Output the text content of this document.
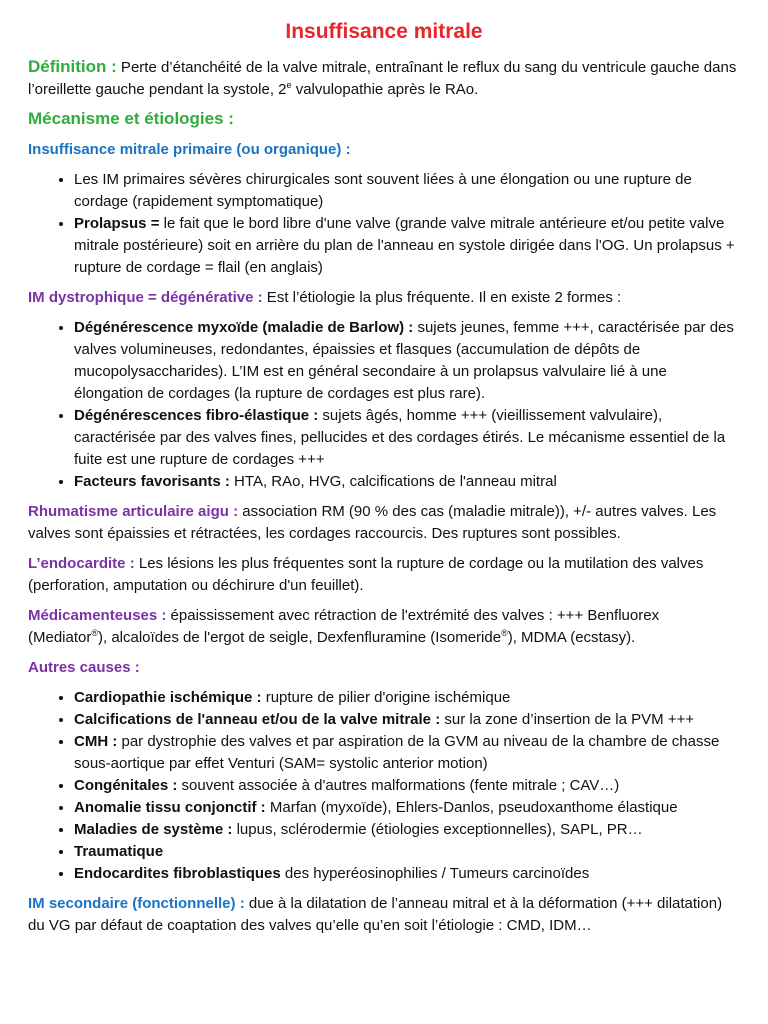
Insuffisance mitrale

Définition : Perte d’étanchéité de la valve mitrale, entraînant le reflux du sang du ventricule gauche dans l’oreillette gauche pendant la systole, 2e valvulopathie après le RAo.

Mécanisme et étiologies :

Insuffisance mitrale primaire (ou organique) :

• Les IM primaires sévères chirurgicales sont souvent liées à une élongation ou une rupture de cordage (rapidement symptomatique)
• Prolapsus = le fait que le bord libre d'une valve (grande valve mitrale antérieure et/ou petite valve mitrale postérieure) soit en arrière du plan de l'anneau en systole dirigée dans l'OG. Un prolapsus + rupture de cordage = flail (en anglais)

IM dystrophique = dégénérative : Est l’étiologie la plus fréquente. Il en existe 2 formes :

• Dégénérescence myxoïde (maladie de Barlow) : sujets jeunes, femme +++, caractérisée par des valves volumineuses, redondantes, épaissies et flasques (accumulation de dépôts de mucopolysaccharides). L’IM est en général secondaire à un prolapsus valvulaire lié à une élongation de cordages (la rupture de cordages est plus rare).
• Dégénérescences fibro-élastique : sujets âgés, homme +++ (vieillissement valvulaire), caractérisée par des valves fines, pellucides et des cordages étirés. Le mécanisme essentiel de la fuite est une rupture de cordages +++
• Facteurs favorisants : HTA, RAo, HVG, calcifications de l'anneau mitral

Rhumatisme articulaire aigu : association RM (90 % des cas (maladie mitrale)), +/- autres valves. Les valves sont épaissies et rétractées, les cordages raccourcis. Des ruptures sont possibles.

L’endocardite : Les lésions les plus fréquentes sont la rupture de cordage ou la mutilation des valves (perforation, amputation ou déchirure d'un feuillet).

Médicamenteuses : épaississement avec rétraction de l'extrémité des valves : +++ Benfluorex (Mediator®), alcaloïdes de l'ergot de seigle, Dexfenfluramine (Isomeride®), MDMA (ecstasy).

Autres causes :

• Cardiopathie ischémique : rupture de pilier d'origine ischémique
• Calcifications de l'anneau et/ou de la valve mitrale : sur la zone d’insertion de la PVM +++
• CMH : par dystrophie des valves et par aspiration de la GVM au niveau de la chambre de chasse sous-aortique par effet Venturi (SAM= systolic anterior motion)
• Congénitales : souvent associée à d'autres malformations (fente mitrale ; CAV…)
• Anomalie tissu conjonctif : Marfan (myxoïde), Ehlers-Danlos, pseudoxanthome élastique
• Maladies de système : lupus, sclérodermie (étiologies exceptionnelles), SAPL, PR…
• Traumatique
• Endocardites fibroblastiques des hyperéosinophilies / Tumeurs carcinoïdes

IM secondaire (fonctionnelle) : due à la dilatation de l’anneau mitral et à la déformation (+++ dilatation) du VG par défaut de coaptation des valves qu’elle qu’en soit l’étiologie : CMD, IDM…
